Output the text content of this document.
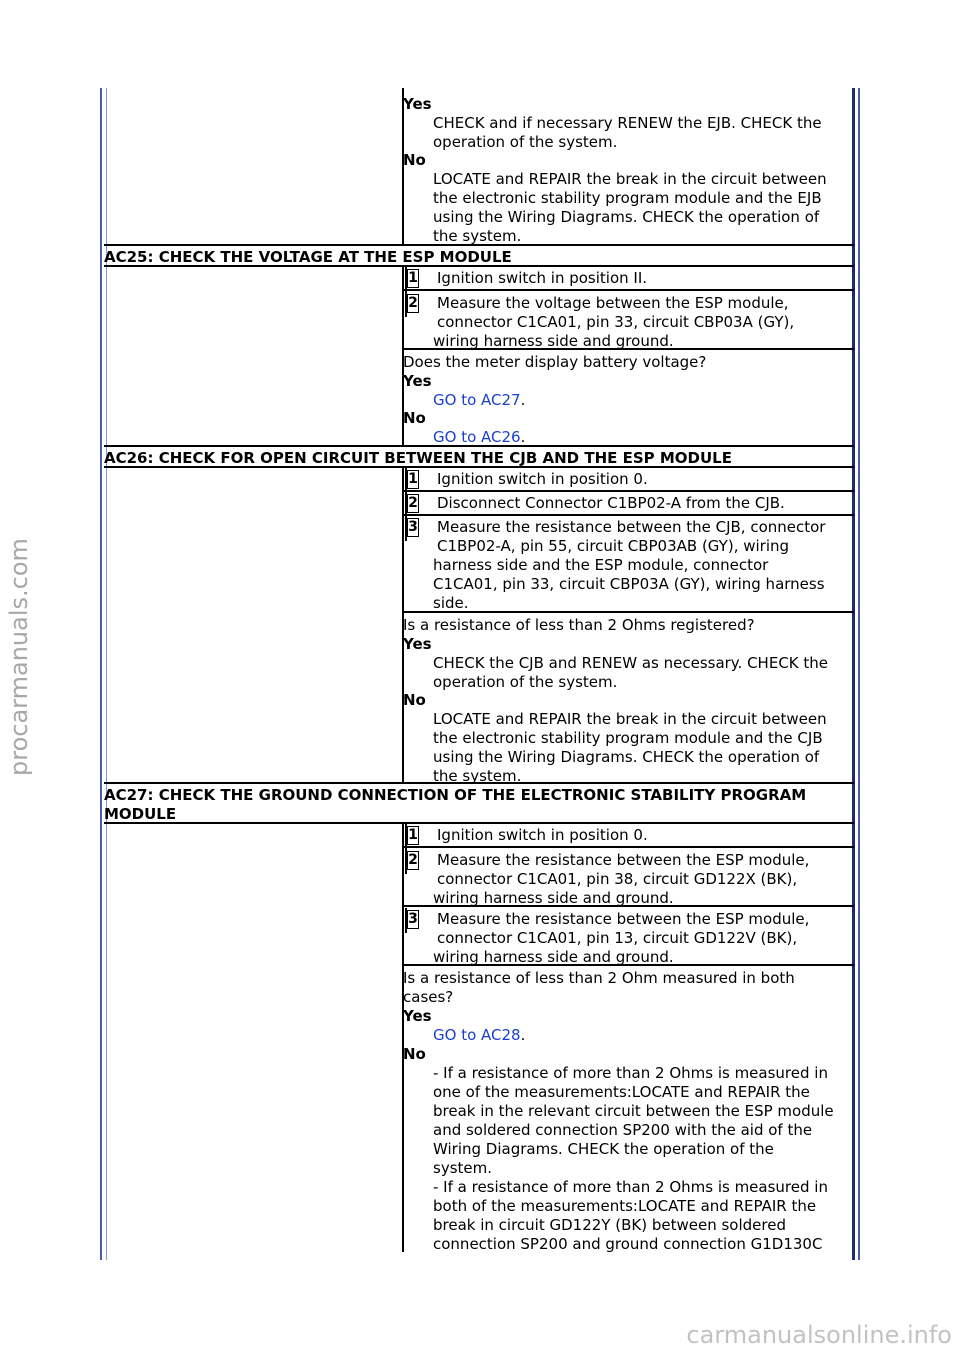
Yes
CHECK and if necessary RENEW the EJB. CHECK the
operation of the system.
No
LOCATE and REPAIR the break in the circuit between
the electronic stability program module and the EJB
using the Wiring Diagrams. CHECK the operation of
the system.
AC25: CHECK THE VOLTAGE AT THE ESP MODULE
1 Ignition switch in position II.
2 Measure the voltage between the ESP module,
connector C1CA01, pin 33, circuit CBP03A (GY),
wiring harness side and ground.
Does the meter display battery voltage?
Yes
GO to AC27.
No
GO to AC26.
AC26: CHECK FOR OPEN CIRCUIT BETWEEN THE CJB AND THE ESP MODULE
1 Ignition switch in position 0.
2 Disconnect Connector C1BP02-A from the CJB.
3 Measure the resistance between the CJB, connector
C1BP02-A, pin 55, circuit CBP03AB (GY), wiring
harness side and the ESP module, connector
C1CA01, pin 33, circuit CBP03A (GY), wiring harness
side.
Is a resistance of less than 2 Ohms registered?
Yes
CHECK the CJB and RENEW as necessary. CHECK the
operation of the system.
No
LOCATE and REPAIR the break in the circuit between
the electronic stability program module and the CJB
using the Wiring Diagrams. CHECK the operation of
the system.
AC27: CHECK THE GROUND CONNECTION OF THE ELECTRONIC STABILITY PROGRAM
MODULE
1 Ignition switch in position 0.
2 Measure the resistance between the ESP module,
connector C1CA01, pin 38, circuit GD122X (BK),
wiring harness side and ground.
3 Measure the resistance between the ESP module,
connector C1CA01, pin 13, circuit GD122V (BK),
wiring harness side and ground.
Is a resistance of less than 2 Ohm measured in both
cases?
Yes
GO to AC28.
No
- If a resistance of more than 2 Ohms is measured in
one of the measurements:LOCATE and REPAIR the
break in the relevant circuit between the ESP module
and soldered connection SP200 with the aid of the
Wiring Diagrams. CHECK the operation of the
system.
- If a resistance of more than 2 Ohms is measured in
both of the measurements:LOCATE and REPAIR the
break in circuit GD122Y (BK) between soldered
connection SP200 and ground connection G1D130C
procarmanuals.com
carmanualsonline.info
